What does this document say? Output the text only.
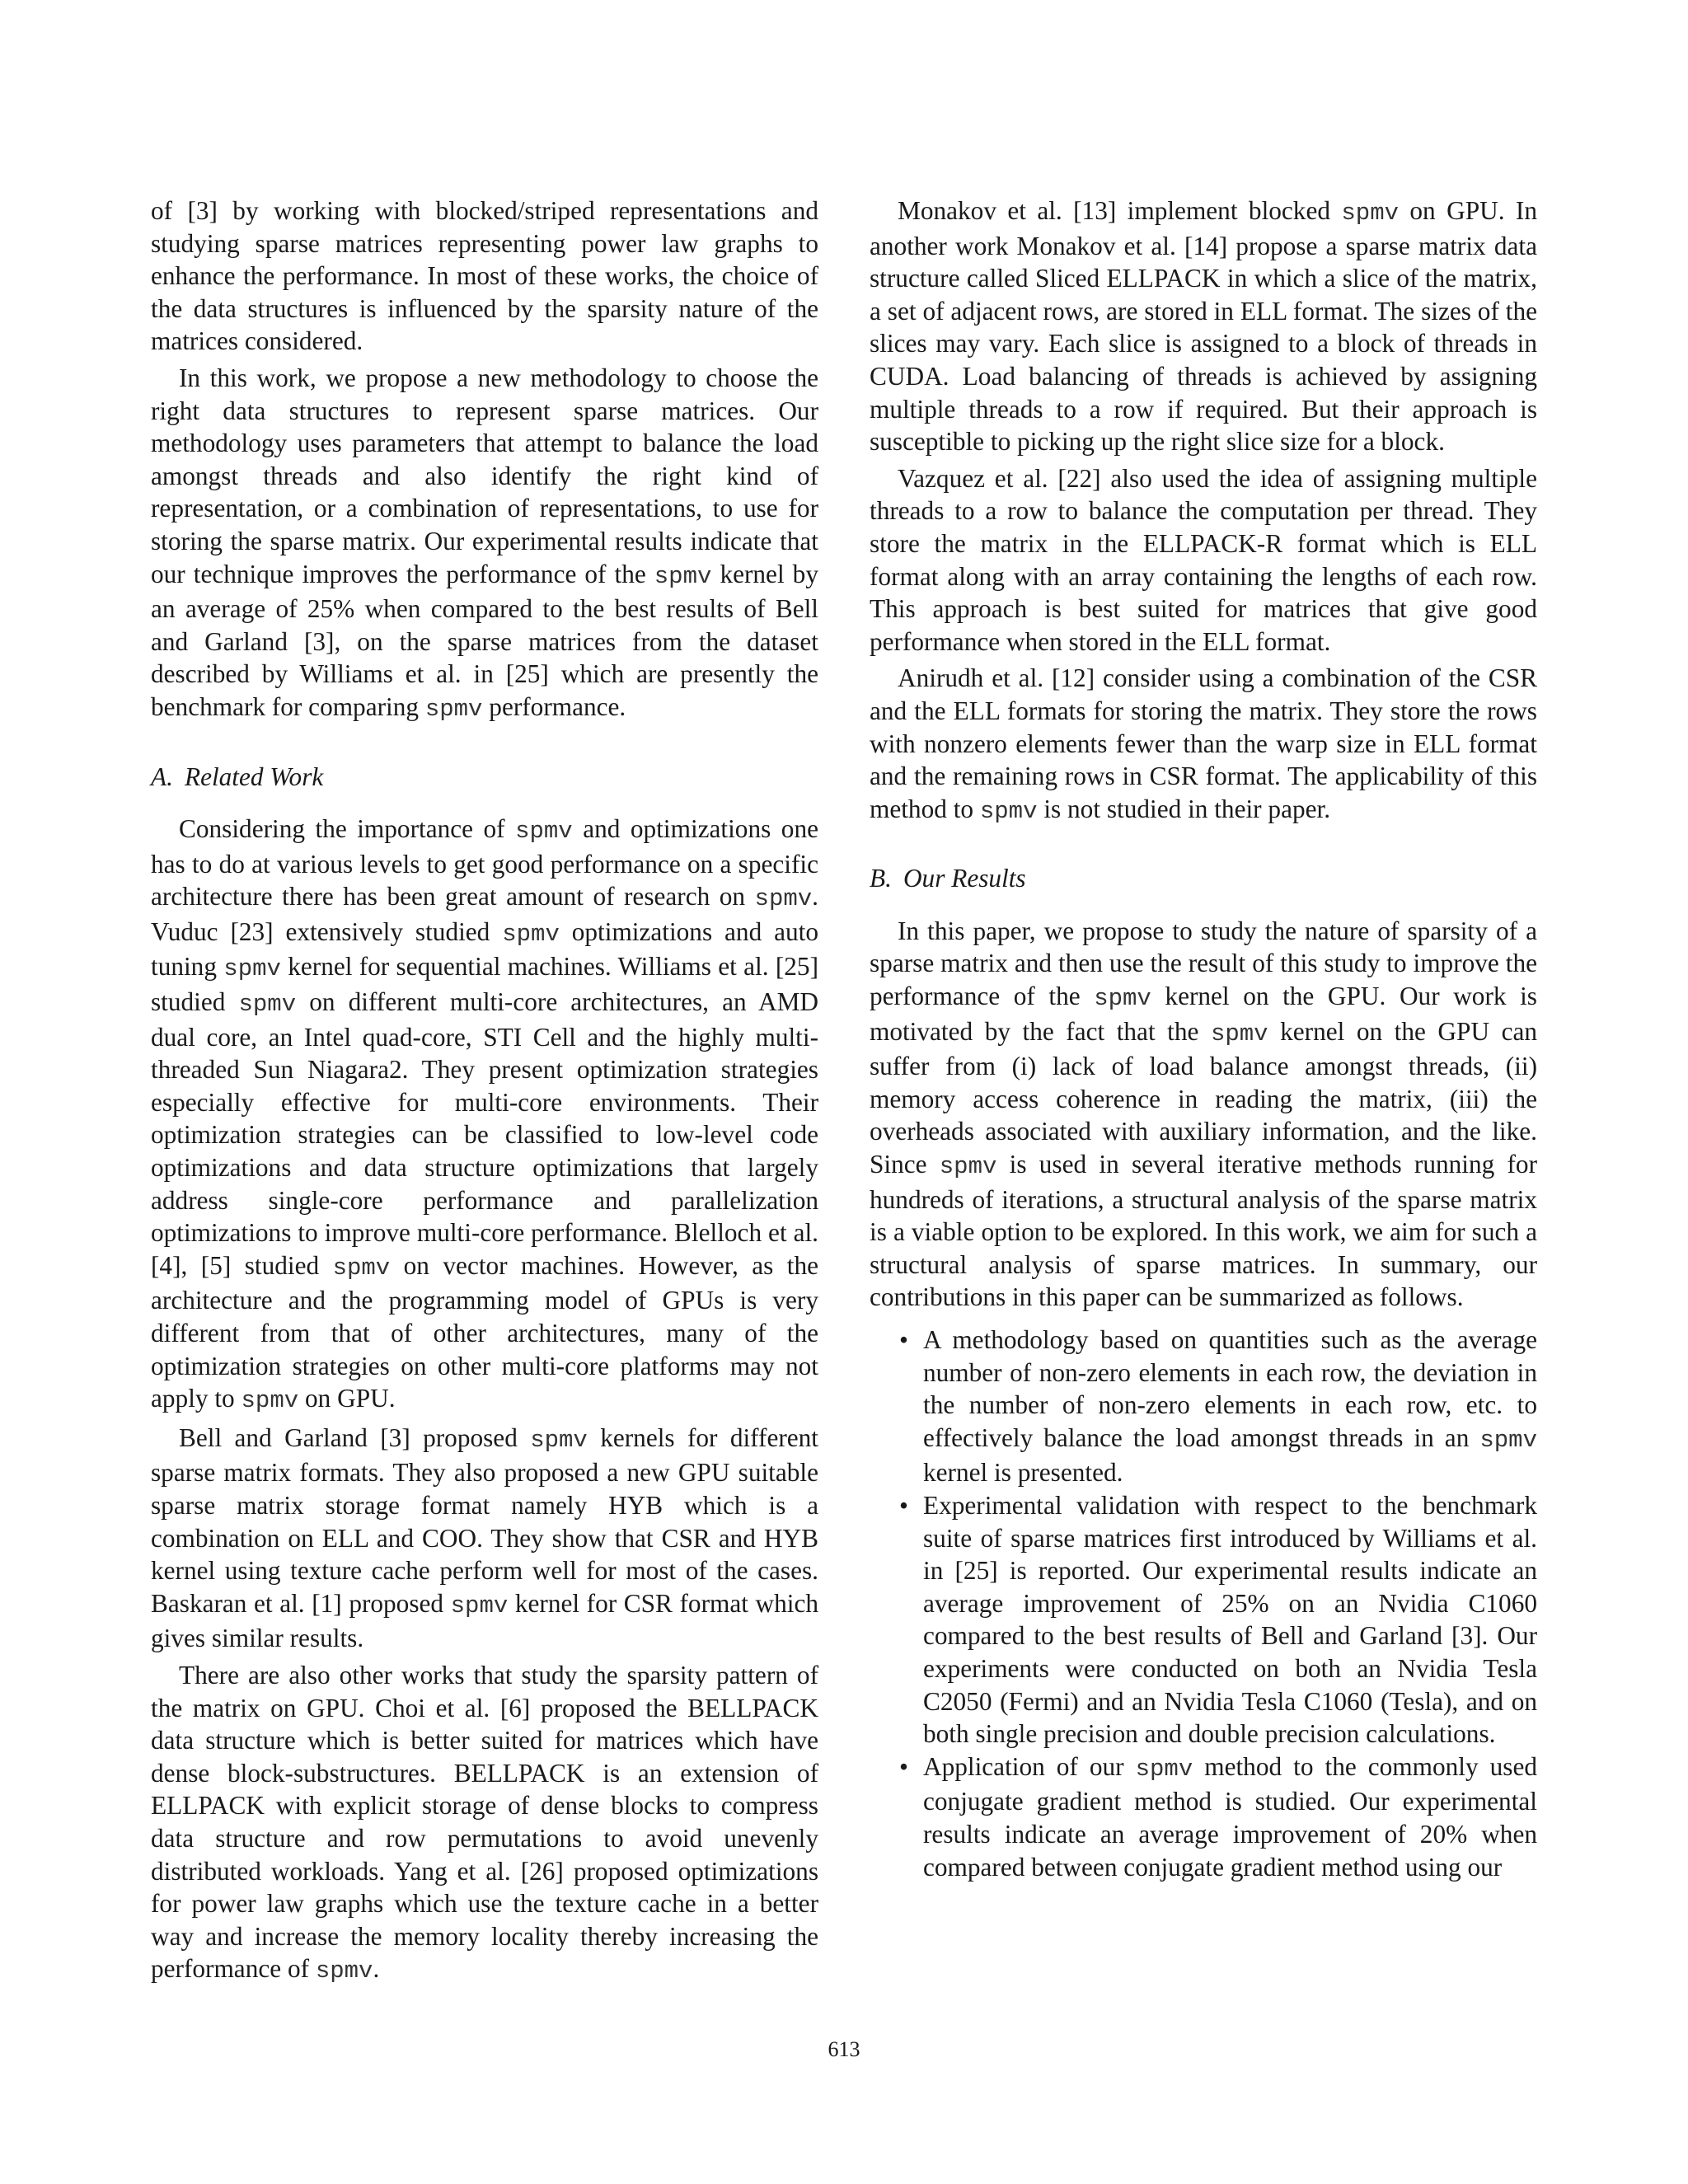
of [3] by working with blocked/striped representations and studying sparse matrices representing power law graphs to enhance the performance. In most of these works, the choice of the data structures is influenced by the sparsity nature of the matrices considered.

In this work, we propose a new methodology to choose the right data structures to represent sparse matrices. Our methodology uses parameters that attempt to balance the load amongst threads and also identify the right kind of representation, or a combination of representations, to use for storing the sparse matrix. Our experimental results indicate that our technique improves the performance of the spmv kernel by an average of 25% when compared to the best results of Bell and Garland [3], on the sparse matrices from the dataset described by Williams et al. in [25] which are presently the benchmark for comparing spmv performance.

A. Related Work

Considering the importance of spmv and optimizations one has to do at various levels to get good performance on a specific architecture there has been great amount of research on spmv. Vuduc [23] extensively studied spmv optimizations and auto tuning spmv kernel for sequential machines. Williams et al. [25] studied spmv on different multi-core architectures, an AMD dual core, an Intel quad-core, STI Cell and the highly multi-threaded Sun Niagara2. They present optimization strategies especially effective for multi-core environments. Their optimization strategies can be classified to low-level code optimizations and data structure optimizations that largely address single-core performance and parallelization optimizations to improve multi-core performance. Blelloch et al. [4], [5] studied spmv on vector machines. However, as the architecture and the programming model of GPUs is very different from that of other architectures, many of the optimization strategies on other multi-core platforms may not apply to spmv on GPU.

Bell and Garland [3] proposed spmv kernels for different sparse matrix formats. They also proposed a new GPU suitable sparse matrix storage format namely HYB which is a combination on ELL and COO. They show that CSR and HYB kernel using texture cache perform well for most of the cases. Baskaran et al. [1] proposed spmv kernel for CSR format which gives similar results.

There are also other works that study the sparsity pattern of the matrix on GPU. Choi et al. [6] proposed the BELLPACK data structure which is better suited for matrices which have dense block-substructures. BELLPACK is an extension of ELLPACK with explicit storage of dense blocks to compress data structure and row permutations to avoid unevenly distributed workloads. Yang et al. [26] proposed optimizations for power law graphs which use the texture cache in a better way and increase the memory locality thereby increasing the performance of spmv.

Monakov et al. [13] implement blocked spmv on GPU. In another work Monakov et al. [14] propose a sparse matrix data structure called Sliced ELLPACK in which a slice of the matrix, a set of adjacent rows, are stored in ELL format. The sizes of the slices may vary. Each slice is assigned to a block of threads in CUDA. Load balancing of threads is achieved by assigning multiple threads to a row if required. But their approach is susceptible to picking up the right slice size for a block.

Vazquez et al. [22] also used the idea of assigning multiple threads to a row to balance the computation per thread. They store the matrix in the ELLPACK-R format which is ELL format along with an array containing the lengths of each row. This approach is best suited for matrices that give good performance when stored in the ELL format.

Anirudh et al. [12] consider using a combination of the CSR and the ELL formats for storing the matrix. They store the rows with nonzero elements fewer than the warp size in ELL format and the remaining rows in CSR format. The applicability of this method to spmv is not studied in their paper.

B. Our Results

In this paper, we propose to study the nature of sparsity of a sparse matrix and then use the result of this study to improve the performance of the spmv kernel on the GPU. Our work is motivated by the fact that the spmv kernel on the GPU can suffer from (i) lack of load balance amongst threads, (ii) memory access coherence in reading the matrix, (iii) the overheads associated with auxiliary information, and the like. Since spmv is used in several iterative methods running for hundreds of iterations, a structural analysis of the sparse matrix is a viable option to be explored. In this work, we aim for such a structural analysis of sparse matrices. In summary, our contributions in this paper can be summarized as follows.

• A methodology based on quantities such as the average number of non-zero elements in each row, the deviation in the number of non-zero elements in each row, etc. to effectively balance the load amongst threads in an spmv kernel is presented.
• Experimental validation with respect to the benchmark suite of sparse matrices first introduced by Williams et al. in [25] is reported. Our experimental results indicate an average improvement of 25% on an Nvidia C1060 compared to the best results of Bell and Garland [3]. Our experiments were conducted on both an Nvidia Tesla C2050 (Fermi) and an Nvidia Tesla C1060 (Tesla), and on both single precision and double precision calculations.
• Application of our spmv method to the commonly used conjugate gradient method is studied. Our experimental results indicate an average improvement of 20% when compared between conjugate gradient method using our
613
